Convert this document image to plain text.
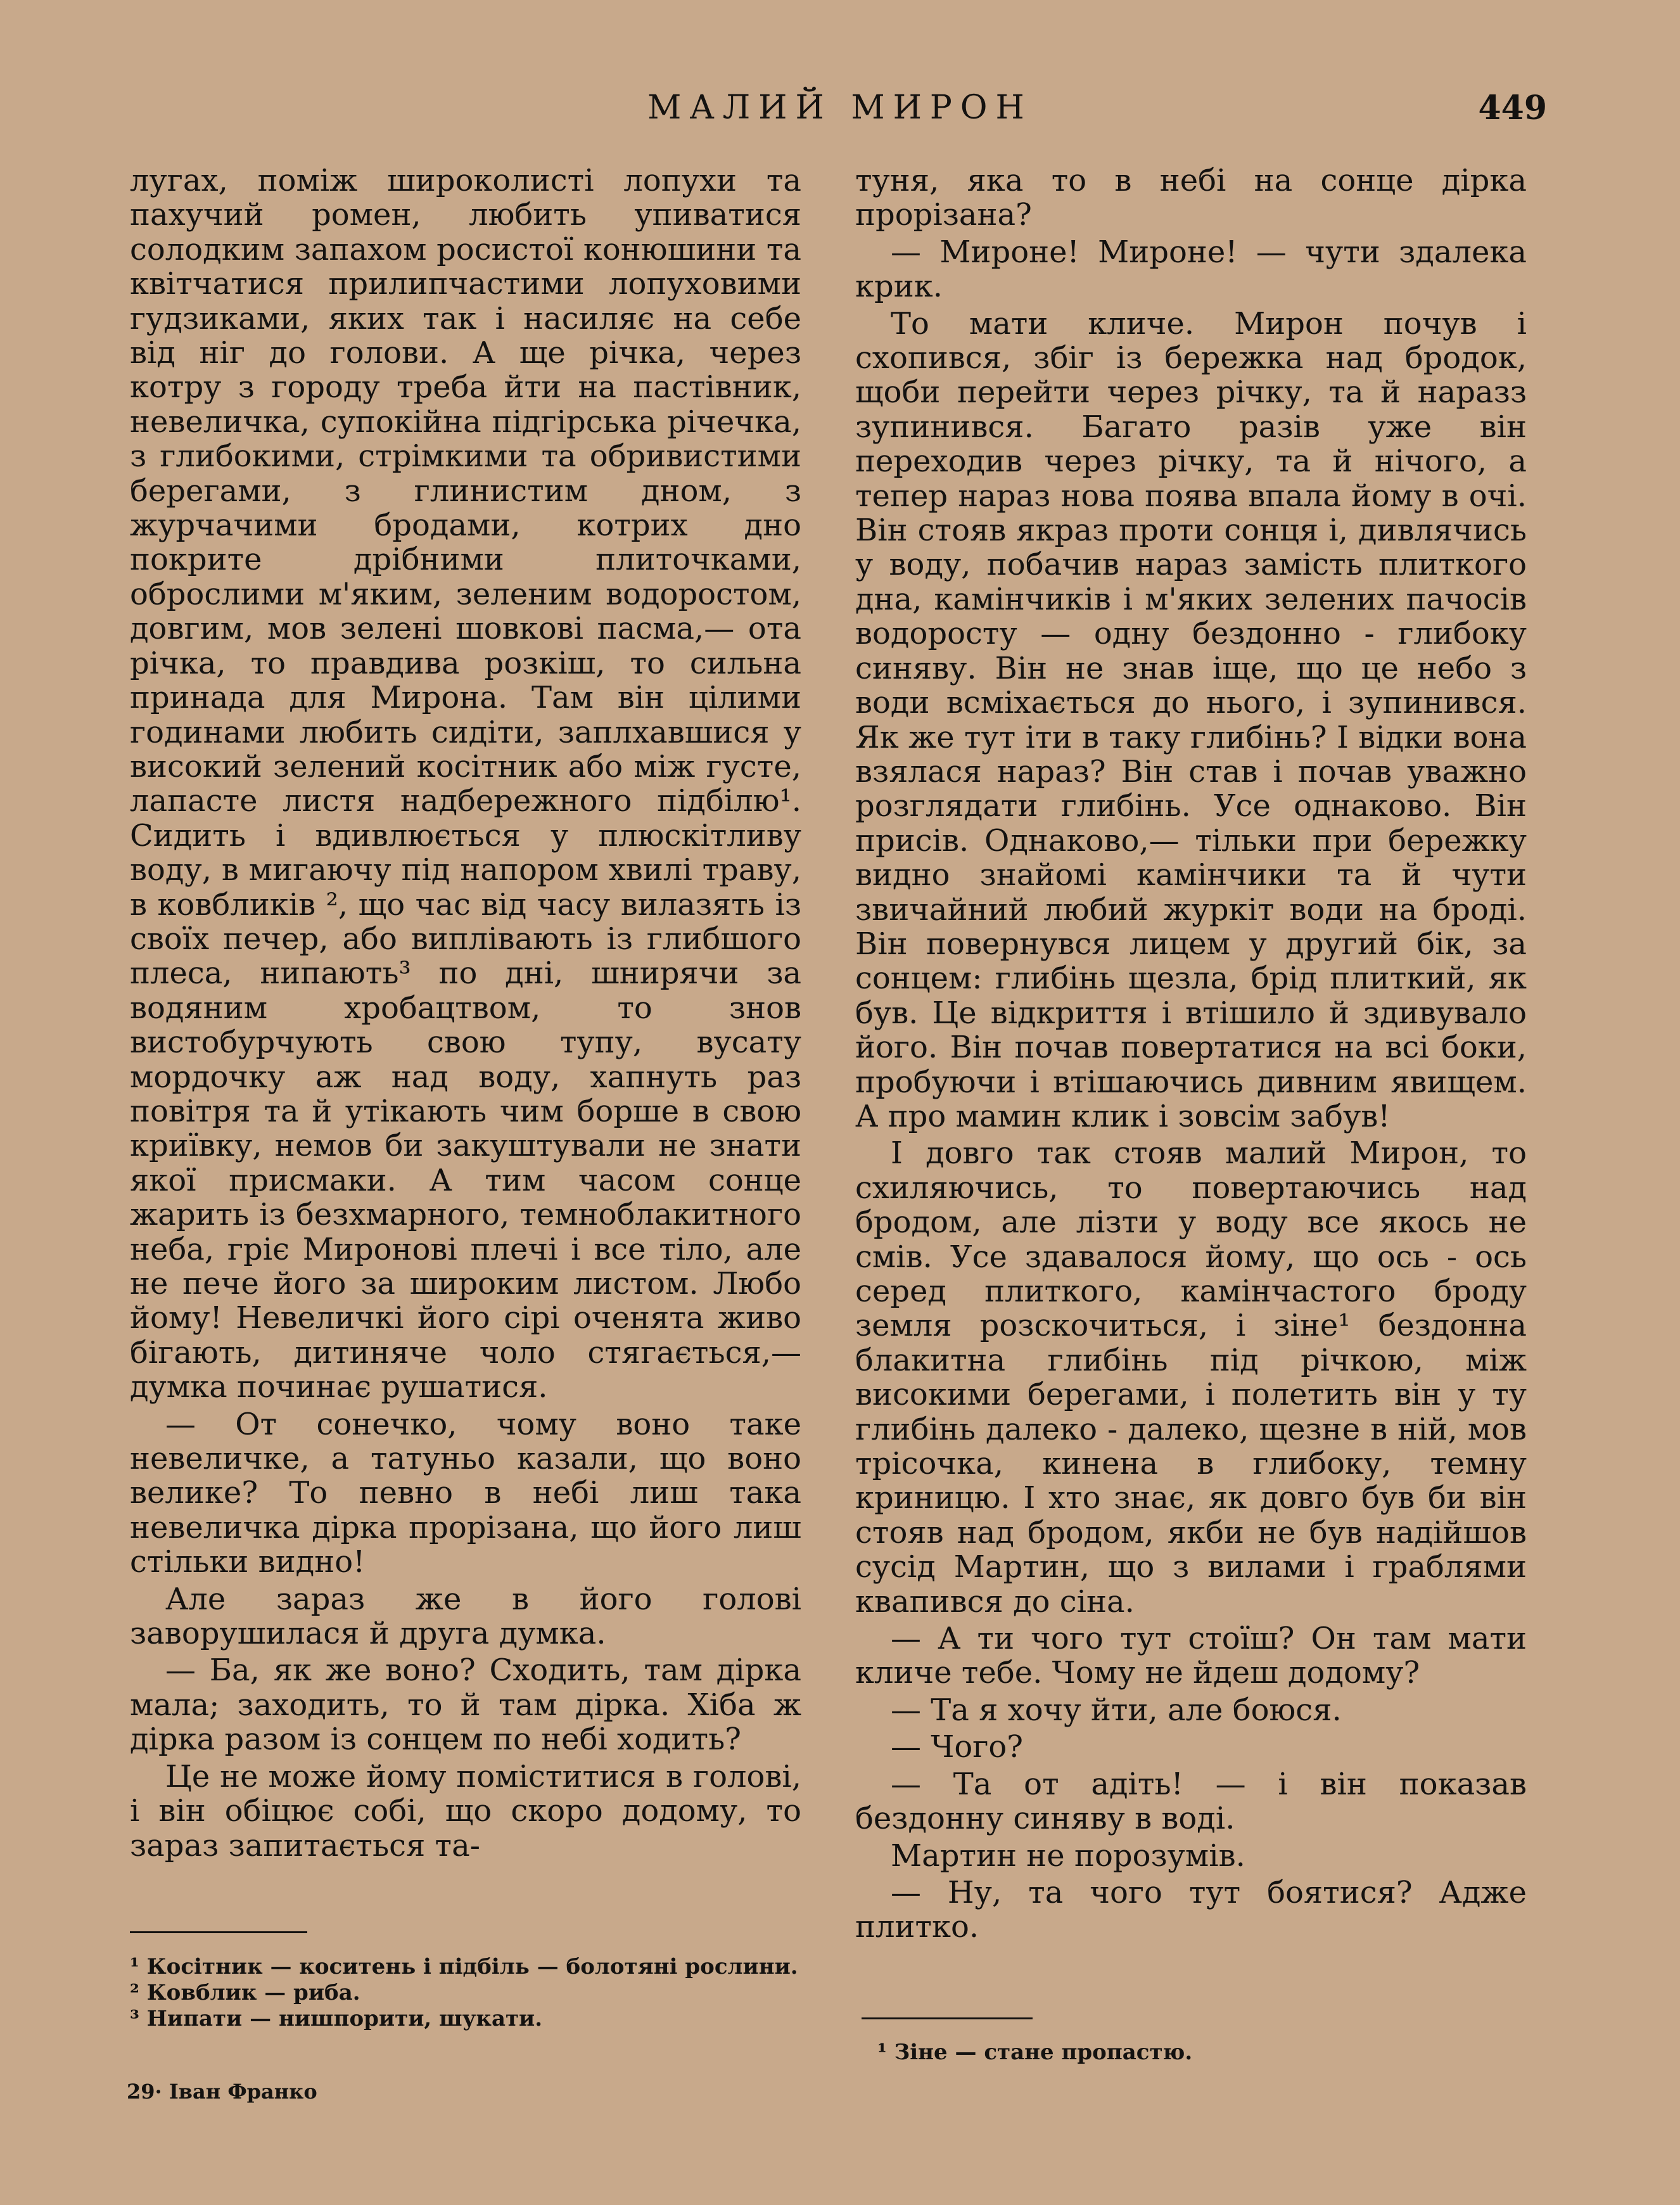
МАЛИЙ МИРОН	449

лугах, поміж широколисті лопухи та пахучий ромен, любить упиватися солодким запахом росистої конюшини та квітчатися прилипчастими лопуховими гудзиками, яких так і насиляє на себе від ніг до голови. А ще річка, через котру з городу треба йти на пастівник, невеличка, супокійна підгірська річечка, з глибокими, стрімкими та обривистими берегами, з глинистим дном, з журчачими бродами, котрих дно покрите дрібними плиточками, оброслими м'яким, зеленим водоростом, довгим, мов зелені шовкові пасма,— ота річка, то правдива розкіш, то сильна принада для Мирона. Там він цілими годинами любить сидіти, заплхавшися у високий зелений косітник або між густе, лапасте листя надбережного підбілю¹. Сидить і вдивлюється у плюскітливу воду, в мигаючу під напором хвилі траву, в ковбликів ², що час від часу вилазять із своїх печер, або виплівають із глибшого плеса, нипають³ по дні, шнирячи за водяним хробацтвом, то знов вистобурчують свою тупу, вусату мордочку аж над воду, хапнуть раз повітря та й утікають чим борше в свою криївку, немов би закуштували не знати якої присмаки. А тим часом сонце жарить із безхмарного, темноблакитного неба, гріє Миронові плечі і все тіло, але не пече його за широким листом. Любо йому! Невеличкі його сірі оченята живо бігають, дитиняче чоло стягається,— думка починає рушатися.

— От сонечко, чому воно таке невеличке, а татуньо казали, що воно велике? То певно в небі лиш така невеличка дірка прорізана, що його лиш стільки видно!

Але зараз же в його голові заворушилася й друга думка.

— Ба, як же воно? Сходить, там дірка мала; заходить, то й там дірка. Хіба ж дірка разом із сонцем по небі ходить?

Це не може йому поміститися в голові, і він обіцює собі, що скоро додому, то зараз запитається та-

туня, яка то в небі на сонце дірка прорізана?

— Мироне! Мироне! — чути здалека крик.

То мати кличе. Мирон почув і схопився, збіг із бережка над бродок, щоби перейти через річку, та й наразз зупинився. Багато разів уже він переходив через річку, та й нічого, а тепер нараз нова поява впала йому в очі. Він стояв якраз проти сонця і, дивлячись у воду, побачив нараз замість плиткого дна, камінчиків і м'яких зелених пачосів водоросту — одну бездонно - глибоку синяву. Він не знав іще, що це небо з води всміхається до нього, і зупинився. Як же тут іти в таку глибінь? І відки вона взялася нараз? Він став і почав уважно розглядати глибінь. Усе однаково. Він присів. Однаково,— тільки при бережку видно знайомі камінчики та й чути звичайний любий журкіт води на броді. Він повернувся лицем у другий бік, за сонцем: глибінь щезла, брід плиткий, як був. Це відкриття і втішило й здивувало його. Він почав повертатися на всі боки, пробуючи і втішаючись дивним явищем. А про мамин клик і зовсім забув!

І довго так стояв малий Мирон, то схиляючись, то повертаючись над бродом, але лізти у воду все якось не смів. Усе здавалося йому, що ось - ось серед плиткого, камінчастого броду земля розскочиться, і зіне¹ бездонна блакитна глибінь під річкою, між високими берегами, і полетить він у ту глибінь далеко - далеко, щезне в ній, мов трісочка, кинена в глибоку, темну криницю. І хто знає, як довго був би він стояв над бродом, якби не був надійшов сусід Мартин, що з вилами і граблями квапився до сіна.

— А ти чого тут стоїш? Он там мати кличе тебе. Чому не йдеш додому?

— Та я хочу йти, але боюся.

— Чого?

— Та от адіть! — і він показав бездонну синяву в воді.

Мартин не порозумів.

— Ну, та чого тут боятися? Адже плитко.

¹ Косітник — коситень і підбіль — болотяні рослини.

² Ковблик — риба.

³ Нипати — нишпорити, шукати.

¹ Зіне — стане пропастю.

29· Іван Франко
